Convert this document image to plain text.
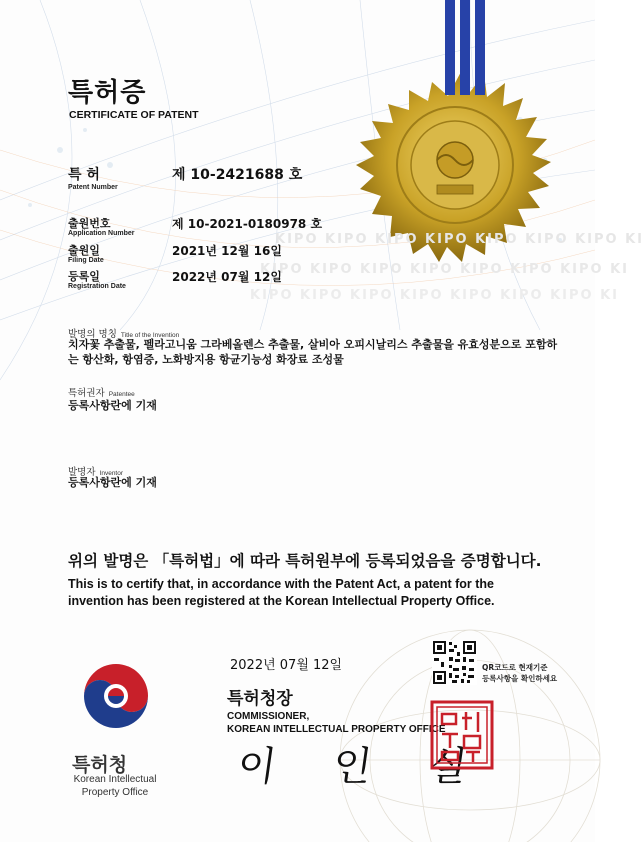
KIPO KIPO KIPO KIPO KIPO KIPO KIPO KI
KIPO KIPO KIPO KIPO KIPO KIPO KIPO KI
KIPO KIPO KIPO KIPO KIPO KIPO KIPO KI
특허증
CERTIFICATE OF PATENT
특 허
Patent Number
제 10-2421688 호
출원번호
Application Number
제 10-2021-0180978 호
출원일
Filing Date
2021년 12월 16일
등록일
Registration Date
2022년 07월 12일
발명의 명칭 Title of the Invention
치자꽃 추출물, 펠라고니움 그라베올렌스 추출물, 살비아 오피시날리스 추출물을 유효성분으로 포함하
는 항산화, 항염증, 노화방지용 항균기능성 화장료 조성물
특허권자 Patentee
등록사항란에 기재
발명자 Inventor
등록사항란에 기재
위의 발명은 「특허법」에 따라 특허원부에 등록되었음을 증명합니다.
This is to certify that, in accordance with the Patent Act, a patent for the
invention has been registered at the Korean Intellectual Property Office.
2022년 07월 12일
특허청장
COMMISSIONER,
KOREAN INTELLECTUAL PROPERTY OFFICE
이 인 실
QR코드로 현재기준
등록사항을 확인하세요
특허청
Korean Intellectual
Property Office
